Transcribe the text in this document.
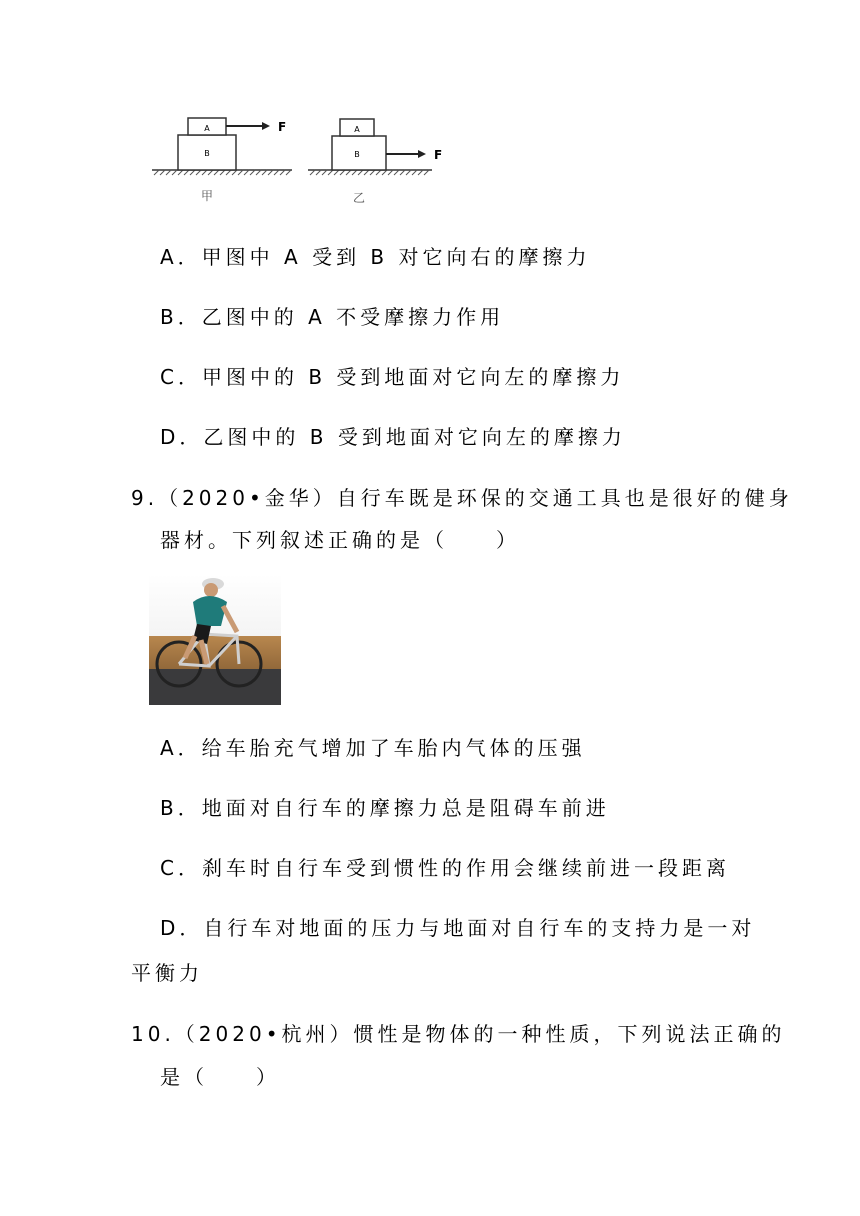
A
B
F
甲
A
B	F
乙
A．甲图中 A 受到 B 对它向右的摩擦力
B．乙图中的 A 不受摩擦力作用
C．甲图中的 B 受到地面对它向左的摩擦力
D．乙图中的 B 受到地面对它向左的摩擦力
9.（2020•金华）自行车既是环保的交通工具也是很好的健身
器材。下列叙述正确的是（　　）
A．给车胎充气增加了车胎内气体的压强
B．地面对自行车的摩擦力总是阻碍车前进
C．刹车时自行车受到惯性的作用会继续前进一段距离
D．自行车对地面的压力与地面对自行车的支持力是一对
平衡力
10.（2020•杭州）惯性是物体的一种性质，下列说法正确的
是（　　）
